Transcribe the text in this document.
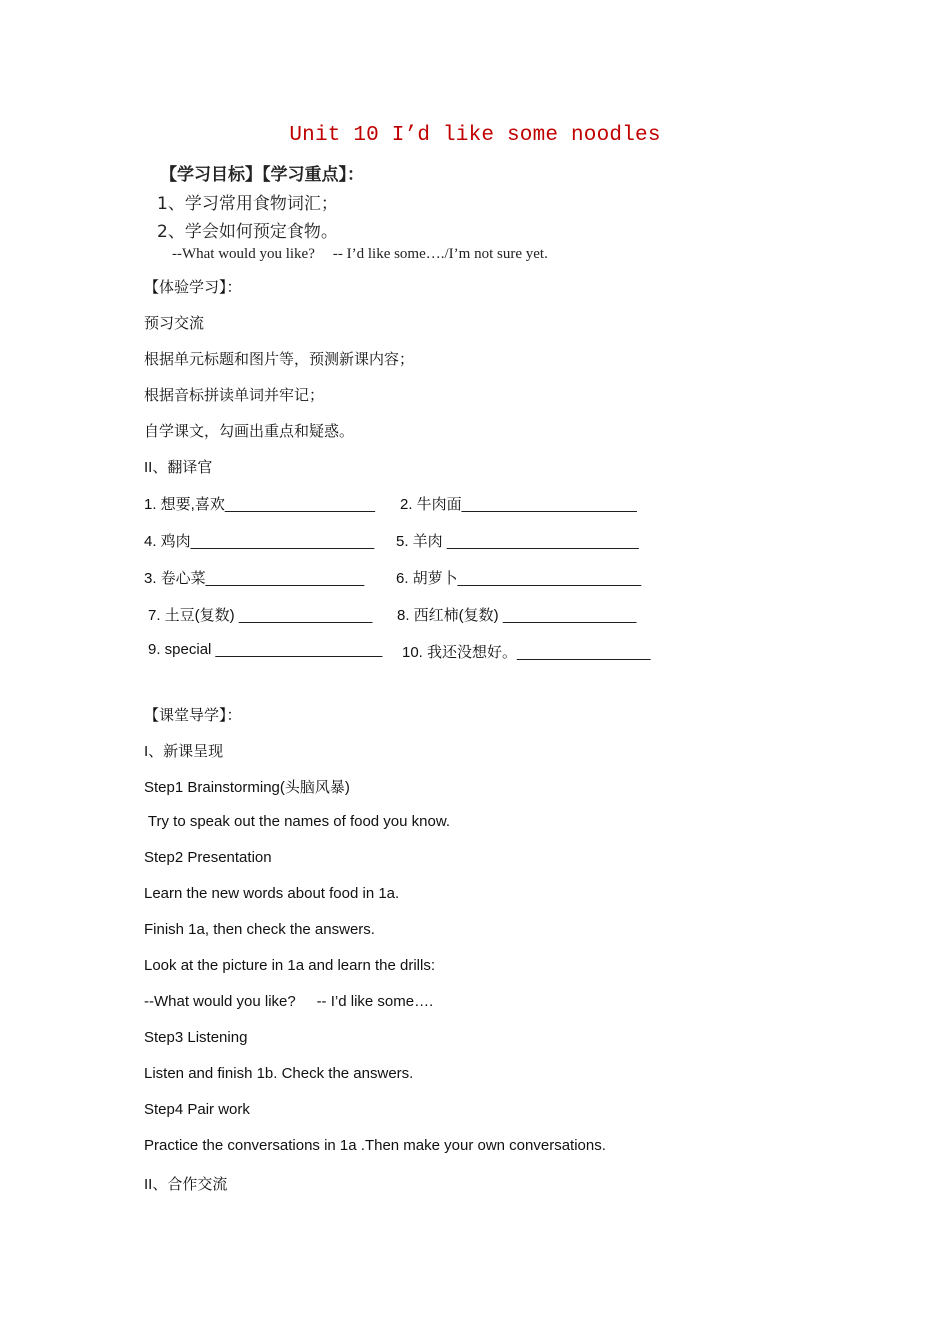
Unit 10 I’d like some noodles
【学习目标】【学习重点】：
1、学习常用食物词汇；
2、学会如何预定食物。
--What would you like? -- I’d like some…./I’m not sure yet.
【体验学习】：
预习交流
根据单元标题和图片等，预测新课内容；
根据音标拼读单词并牢记；
自学课文，勾画出重点和疑惑。
II、翻译官
1. 想要,喜欢__________________ 2. 牛肉面_____________________
4. 鸡肉______________________ 5. 羊肉 _______________________
3. 卷心菜___________________ 6. 胡萝卜______________________
7. 土豆(复数) ________________ 8. 西红柿(复数) ________________
9. special ____________________ 10. 我还没想好。________________
【课堂导学】：
I、新课呈现
Step1 Brainstorming(头脑风暴)
Try to speak out the names of food you know.
Step2 Presentation
Learn the new words about food in 1a.
Finish 1a, then check the answers.
Look at the picture in 1a and learn the drills:
--What would you like?     -- I’d like some….
Step3 Listening
Listen and finish 1b. Check the answers.
Step4 Pair work
Practice the conversations in 1a .Then make your own conversations.
II、合作交流
